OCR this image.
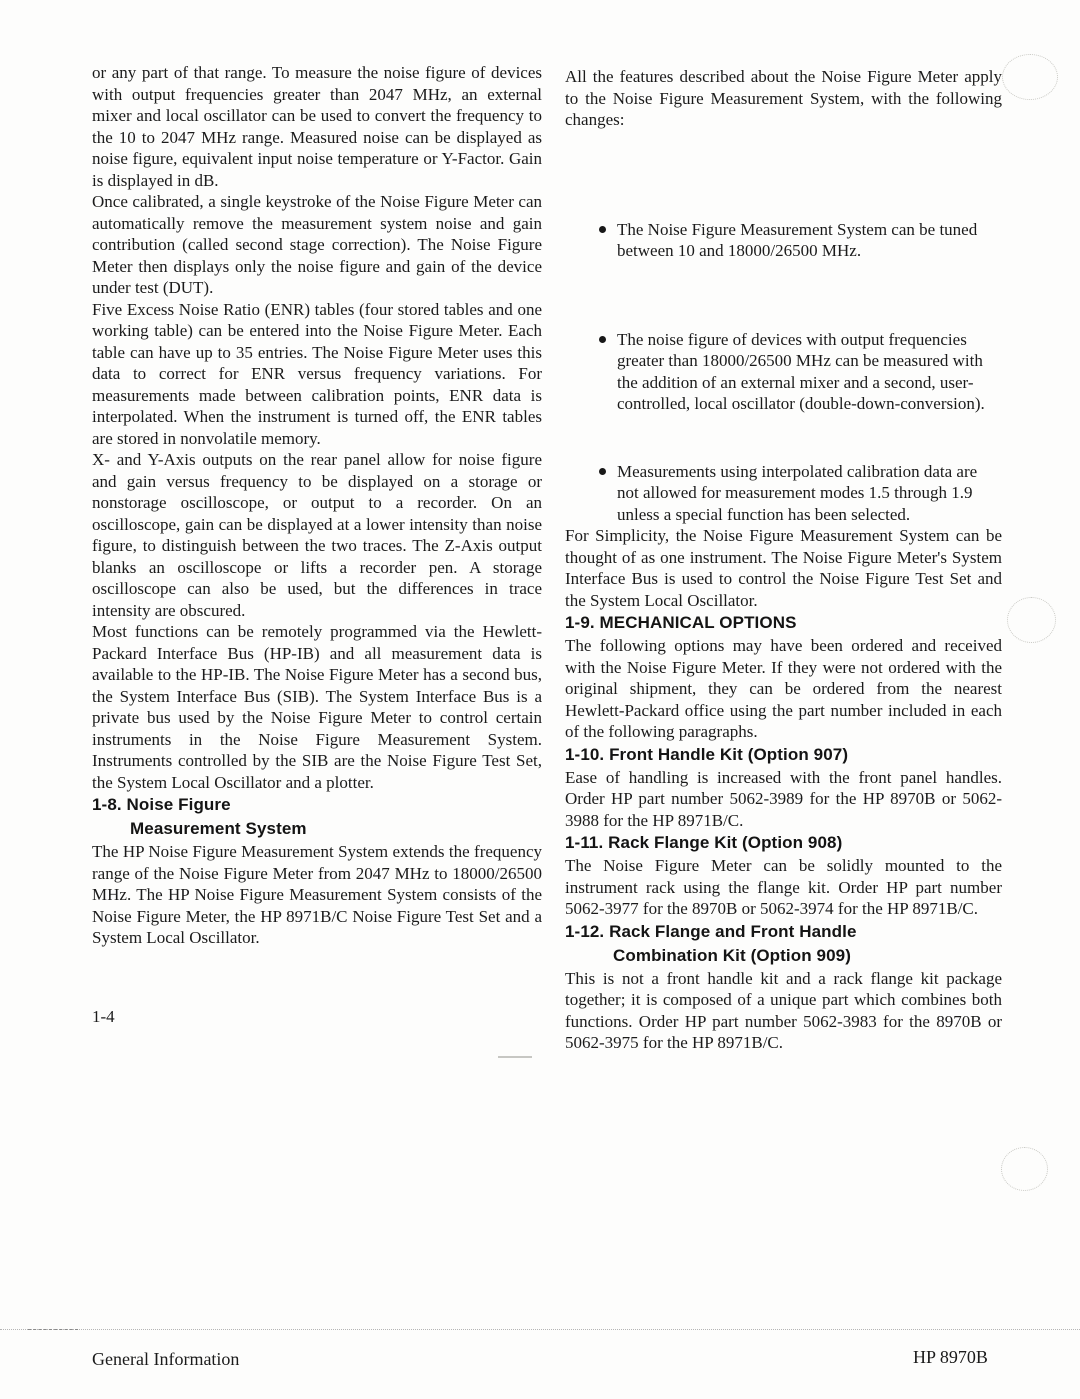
or any part of that range. To measure the noise figure of devices with output frequencies greater than 2047 MHz, an external mixer and local oscillator can be used to convert the frequency to the 10 to 2047 MHz range. Measured noise can be displayed as noise figure, equivalent input noise temperature or Y-Factor. Gain is displayed in dB.

Once calibrated, a single keystroke of the Noise Figure Meter can automatically remove the measurement system noise and gain contribution (called second stage correction). The Noise Figure Meter then displays only the noise figure and gain of the device under test (DUT).

Five Excess Noise Ratio (ENR) tables (four stored tables and one working table) can be entered into the Noise Figure Meter. Each table can have up to 35 entries. The Noise Figure Meter uses this data to correct for ENR versus frequency variations. For measurements made between calibration points, ENR data is interpolated. When the instrument is turned off, the ENR tables are stored in nonvolatile memory.

X- and Y-Axis outputs on the rear panel allow for noise figure and gain versus frequency to be displayed on a storage or nonstorage oscilloscope, or output to a recorder. On an oscilloscope, gain can be displayed at a lower intensity than noise figure, to distinguish between the two traces. The Z-Axis output blanks an oscilloscope or lifts a recorder pen. A storage oscilloscope can also be used, but the differences in trace intensity are obscured.

Most functions can be remotely programmed via the Hewlett-Packard Interface Bus (HP-IB) and all measurement data is available to the HP-IB. The Noise Figure Meter has a second bus, the System Interface Bus (SIB). The System Interface Bus is a private bus used by the Noise Figure Meter to control certain instruments in the Noise Figure Measurement System. Instruments controlled by the SIB are the Noise Figure Test Set, the System Local Oscillator and a plotter.

1-8. Noise Figure
Measurement System

The HP Noise Figure Measurement System extends the frequency range of the Noise Figure Meter from 2047 MHz to 18000/26500 MHz. The HP Noise Figure Measurement System consists of the Noise Figure Meter, the HP 8971B/C Noise Figure Test Set and a System Local Oscillator.

1-4

All the features described about the Noise Figure Meter apply to the Noise Figure Measurement System, with the following changes:

The Noise Figure Measurement System can be tuned between 10 and 18000/26500 MHz.
The noise figure of devices with output frequencies greater than 18000/26500 MHz can be measured with the addition of an external mixer and a second, user-controlled, local oscillator (double-down-conversion).
Measurements using interpolated calibration data are not allowed for measurement modes 1.5 through 1.9 unless a special function has been selected.

For Simplicity, the Noise Figure Measurement System can be thought of as one instrument. The Noise Figure Meter's System Interface Bus is used to control the Noise Figure Test Set and the System Local Oscillator.

1-9. MECHANICAL OPTIONS

The following options may have been ordered and received with the Noise Figure Meter. If they were not ordered with the original shipment, they can be ordered from the nearest Hewlett-Packard office using the part number included in each of the following paragraphs.

1-10. Front Handle Kit (Option 907)

Ease of handling is increased with the front panel handles. Order HP part number 5062-3989 for the HP 8970B or 5062-3988 for the HP 8971B/C.

1-11. Rack Flange Kit (Option 908)

The Noise Figure Meter can be solidly mounted to the instrument rack using the flange kit. Order HP part number 5062-3977 for the 8970B or 5062-3974 for the HP 8971B/C.

1-12. Rack Flange and Front Handle
Combination Kit (Option 909)

This is not a front handle kit and a rack flange kit package together; it is composed of a unique part which combines both functions. Order HP part number 5062-3983 for the 8970B or 5062-3975 for the HP 8971B/C.

General Information	HP 8970B
